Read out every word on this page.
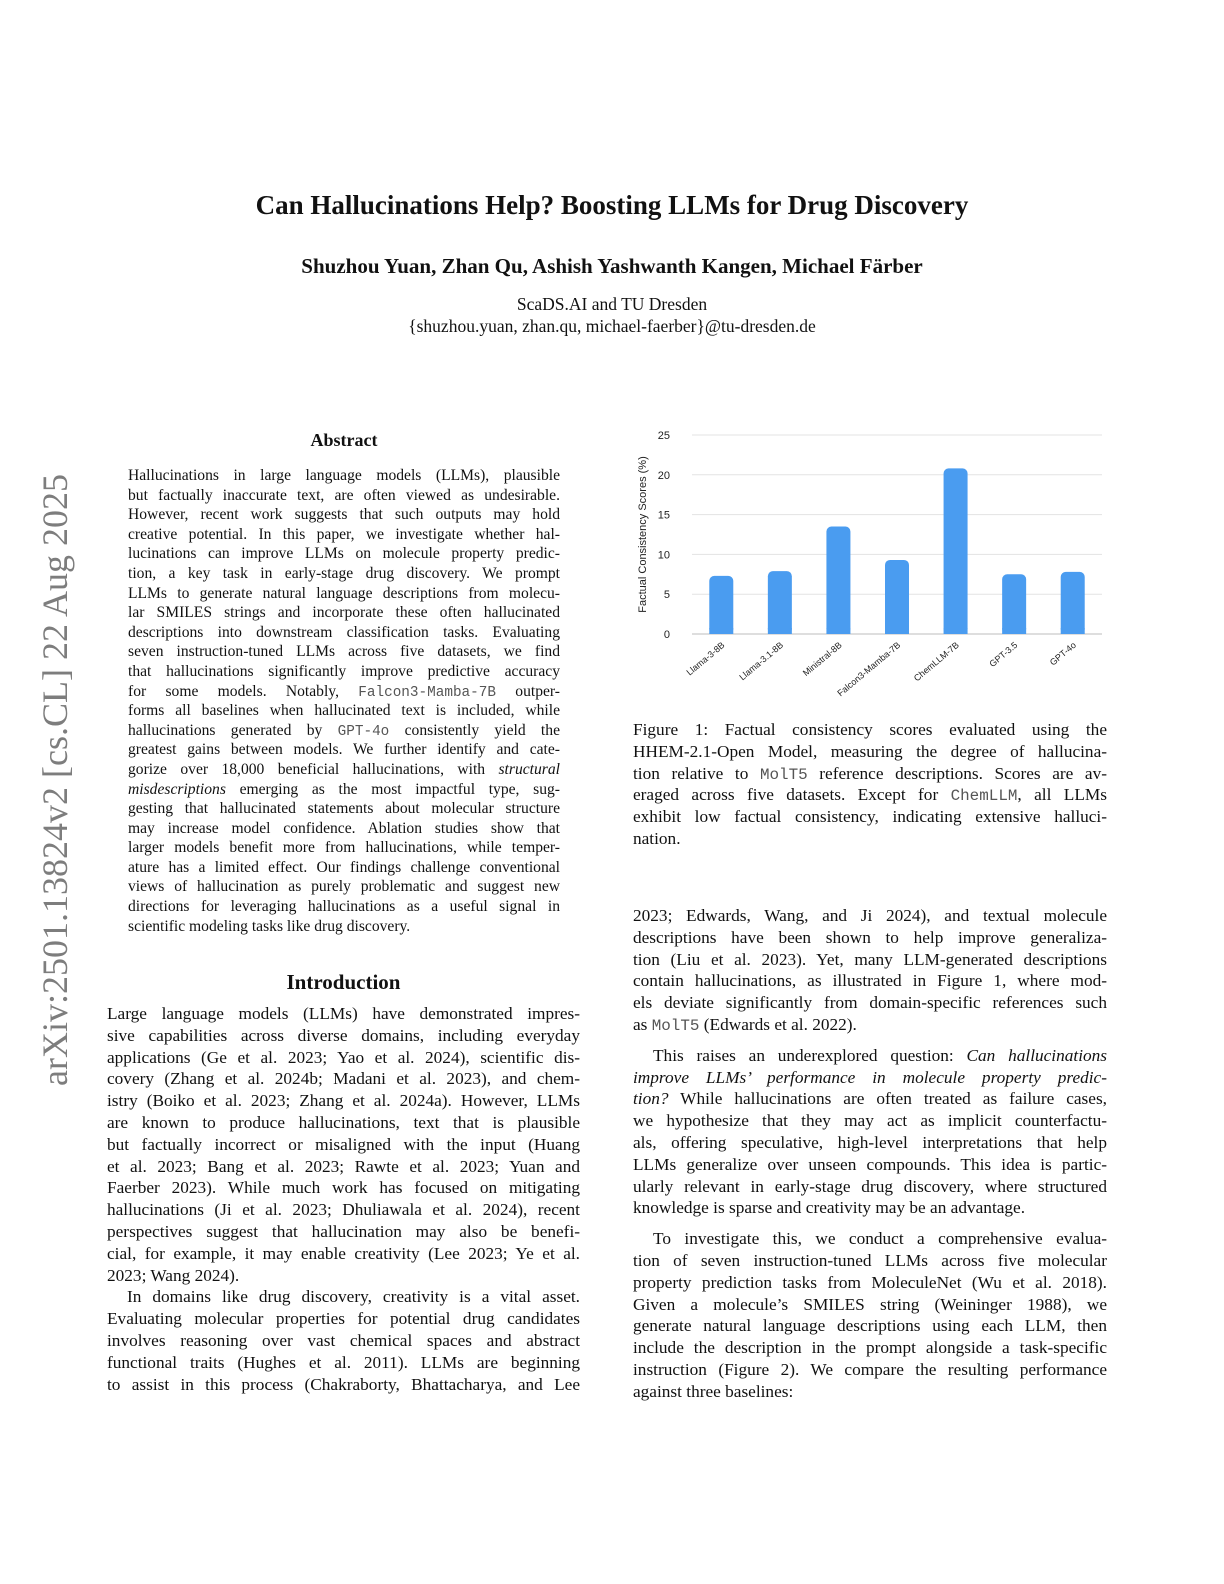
arXiv:2501.13824v2 [cs.CL] 22 Aug 2025
Can Hallucinations Help? Boosting LLMs for Drug Discovery
Shuzhou Yuan, Zhan Qu, Ashish Yashwanth Kangen, Michael Färber
ScaDS.AI and TU Dresden
{shuzhou.yuan, zhan.qu, michael-faerber}@tu-dresden.de
Abstract
Hallucinations in large language models (LLMs), plausible
but factually inaccurate text, are often viewed as undesirable.
However, recent work suggests that such outputs may hold
creative potential. In this paper, we investigate whether hal-
lucinations can improve LLMs on molecule property predic-
tion, a key task in early-stage drug discovery. We prompt
LLMs to generate natural language descriptions from molecu-
lar SMILES strings and incorporate these often hallucinated
descriptions into downstream classification tasks. Evaluating
seven instruction-tuned LLMs across five datasets, we find
that hallucinations significantly improve predictive accuracy
for some models. Notably, Falcon3-Mamba-7B outper-
forms all baselines when hallucinated text is included, while
hallucinations generated by GPT-4o consistently yield the
greatest gains between models. We further identify and cate-
gorize over 18,000 beneficial hallucinations, with structural
misdescriptions emerging as the most impactful type, sug-
gesting that hallucinated statements about molecular structure
may increase model confidence. Ablation studies show that
larger models benefit more from hallucinations, while temper-
ature has a limited effect. Our findings challenge conventional
views of hallucination as purely problematic and suggest new
directions for leveraging hallucinations as a useful signal in
scientific modeling tasks like drug discovery.
Introduction
Large language models (LLMs) have demonstrated impres-
sive capabilities across diverse domains, including everyday
applications (Ge et al. 2023; Yao et al. 2024), scientific dis-
covery (Zhang et al. 2024b; Madani et al. 2023), and chem-
istry (Boiko et al. 2023; Zhang et al. 2024a). However, LLMs
are known to produce hallucinations, text that is plausible
but factually incorrect or misaligned with the input (Huang
et al. 2023; Bang et al. 2023; Rawte et al. 2023; Yuan and
Faerber 2023). While much work has focused on mitigating
hallucinations (Ji et al. 2023; Dhuliawala et al. 2024), recent
perspectives suggest that hallucination may also be benefi-
cial, for example, it may enable creativity (Lee 2023; Ye et al.
2023; Wang 2024).
In domains like drug discovery, creativity is a vital asset.
Evaluating molecular properties for potential drug candidates
involves reasoning over vast chemical spaces and abstract
functional traits (Hughes et al. 2011). LLMs are beginning
to assist in this process (Chakraborty, Bhattacharya, and Lee
0
5
10
15
20
25
Factual Consistency Scores (%)
Llama-3-8B Llama-3.1-8B Ministral-8B
Falcon3-Mamba-7B ChemLLM-7B	GPT-3.5	GPT-4o
Figure 1: Factual consistency scores evaluated using the
HHEM-2.1-Open Model, measuring the degree of hallucina-
tion relative to MolT5 reference descriptions. Scores are av-
eraged across five datasets. Except for ChemLLM, all LLMs
exhibit low factual consistency, indicating extensive halluci-
nation.
2023; Edwards, Wang, and Ji 2024), and textual molecule
descriptions have been shown to help improve generaliza-
tion (Liu et al. 2023). Yet, many LLM-generated descriptions
contain hallucinations, as illustrated in Figure 1, where mod-
els deviate significantly from domain-specific references such
as MolT5 (Edwards et al. 2022).
This raises an underexplored question: Can hallucinations
improve LLMs’ performance in molecule property predic-
tion? While hallucinations are often treated as failure cases,
we hypothesize that they may act as implicit counterfactu-
als, offering speculative, high-level interpretations that help
LLMs generalize over unseen compounds. This idea is partic-
ularly relevant in early-stage drug discovery, where structured
knowledge is sparse and creativity may be an advantage.
To investigate this, we conduct a comprehensive evalua-
tion of seven instruction-tuned LLMs across five molecular
property prediction tasks from MoleculeNet (Wu et al. 2018).
Given a molecule’s SMILES string (Weininger 1988), we
generate natural language descriptions using each LLM, then
include the description in the prompt alongside a task-specific
instruction (Figure 2). We compare the resulting performance
against three baselines:
